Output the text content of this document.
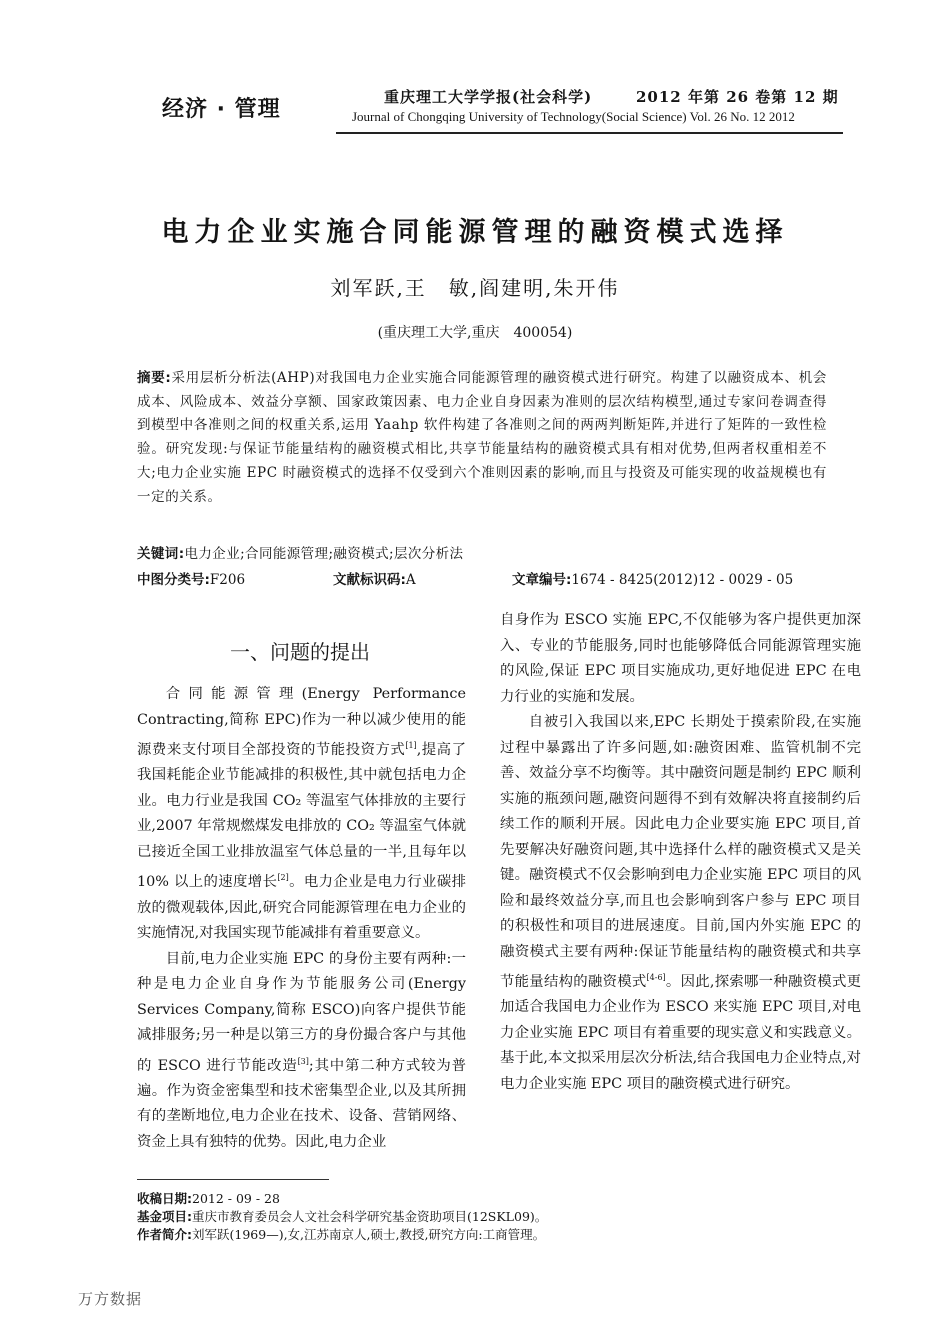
经济 · 管理	重庆理工大学学报(社会科学)	2012 年第 26 卷第 12 期
Journal of Chongqing University of Technology(Social Science) Vol. 26 No. 12 2012
电力企业实施合同能源管理的融资模式选择
刘军跃,王　敏,阎建明,朱开伟
(重庆理工大学,重庆　400054)
摘要:采用层析分析法(AHP)对我国电力企业实施合同能源管理的融资模式进行研究。构建了以融资成本、机会成本、风险成本、效益分享额、国家政策因素、电力企业自身因素为准则的层次结构模型,通过专家问卷调查得到模型中各准则之间的权重关系,运用 Yaahp 软件构建了各准则之间的两两判断矩阵,并进行了矩阵的一致性检验。研究发现:与保证节能量结构的融资模式相比,共享节能量结构的融资模式具有相对优势,但两者权重相差不大;电力企业实施 EPC 时融资模式的选择不仅受到六个准则因素的影响,而且与投资及可能实现的收益规模也有一定的关系。
关键词:电力企业;合同能源管理;融资模式;层次分析法
中图分类号:F206	文献标识码:A	文章编号:1674 - 8425(2012)12 - 0029 - 05
一、问题的提出

合同能源管理(Energy Performance Contracting,简称 EPC)作为一种以减少使用的能源费来支付项目全部投资的节能投资方式[1],提高了我国耗能企业节能减排的积极性,其中就包括电力企业。电力行业是我国 CO₂ 等温室气体排放的主要行业,2007 年常规燃煤发电排放的 CO₂ 等温室气体就已接近全国工业排放温室气体总量的一半,且每年以 10% 以上的速度增长[2]。电力企业是电力行业碳排放的微观载体,因此,研究合同能源管理在电力企业的实施情况,对我国实现节能减排有着重要意义。

目前,电力企业实施 EPC 的身份主要有两种:一种是电力企业自身作为节能服务公司(Energy Services Company,简称 ESCO)向客户提供节能减排服务;另一种是以第三方的身份撮合客户与其他的 ESCO 进行节能改造[3];其中第二种方式较为普遍。作为资金密集型和技术密集型企业,以及其所拥有的垄断地位,电力企业在技术、设备、营销网络、资金上具有独特的优势。因此,电力企业

自身作为 ESCO 实施 EPC,不仅能够为客户提供更加深入、专业的节能服务,同时也能够降低合同能源管理实施的风险,保证 EPC 项目实施成功,更好地促进 EPC 在电力行业的实施和发展。

自被引入我国以来,EPC 长期处于摸索阶段,在实施过程中暴露出了许多问题,如:融资困难、监管机制不完善、效益分享不均衡等。其中融资问题是制约 EPC 顺利实施的瓶颈问题,融资问题得不到有效解决将直接制约后续工作的顺利开展。因此电力企业要实施 EPC 项目,首先要解决好融资问题,其中选择什么样的融资模式又是关键。融资模式不仅会影响到电力企业实施 EPC 项目的风险和最终效益分享,而且也会影响到客户参与 EPC 项目的积极性和项目的进展速度。目前,国内外实施 EPC 的融资模式主要有两种:保证节能量结构的融资模式和共享节能量结构的融资模式[4-6]。因此,探索哪一种融资模式更加适合我国电力企业作为 ESCO 来实施 EPC 项目,对电力企业实施 EPC 项目有着重要的现实意义和实践意义。基于此,本文拟采用层次分析法,结合我国电力企业特点,对电力企业实施 EPC 项目的融资模式进行研究。

收稿日期:2012 - 09 - 28
基金项目:重庆市教育委员会人文社会科学研究基金资助项目(12SKL09)。
作者简介:刘军跃(1969—),女,江苏南京人,硕士,教授,研究方向:工商管理。
万方数据
